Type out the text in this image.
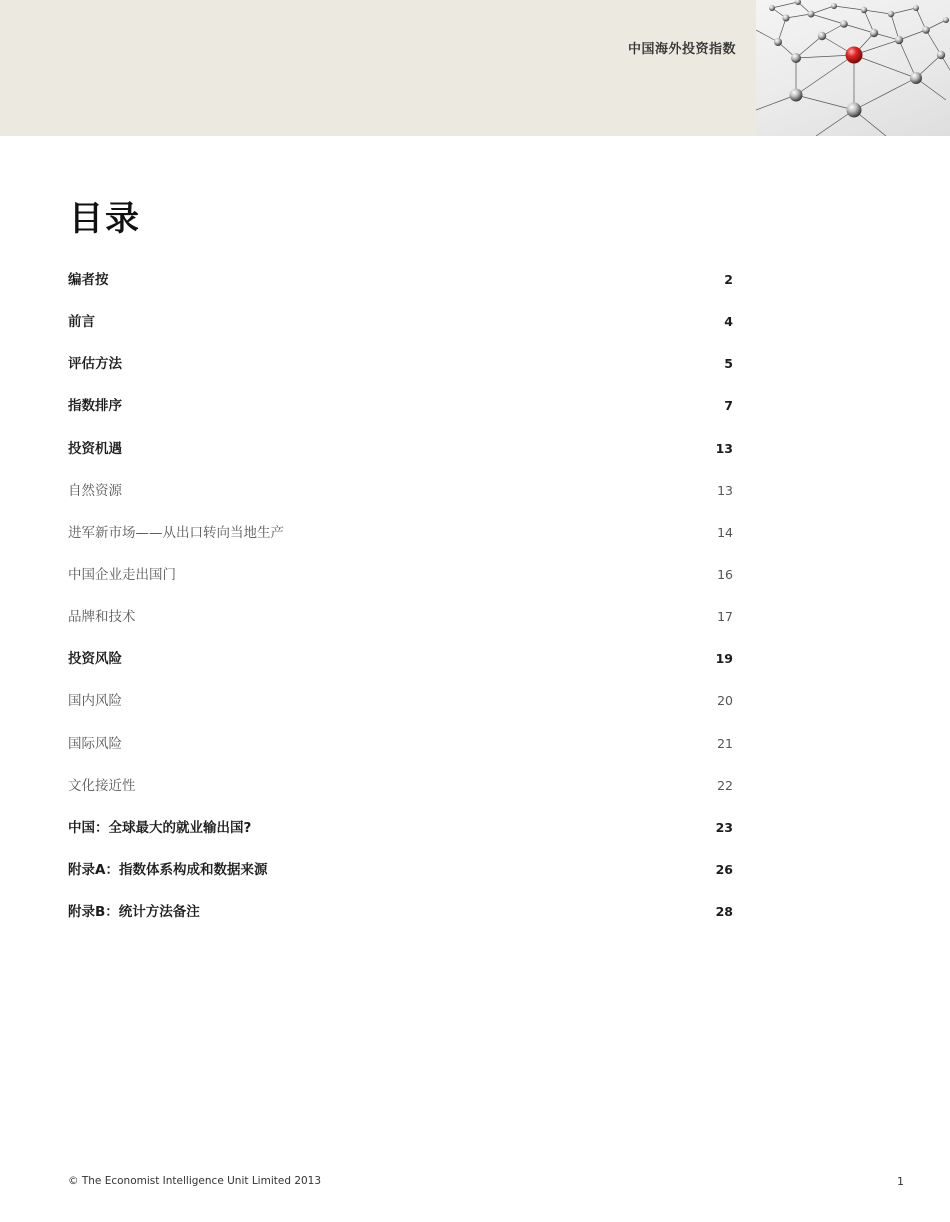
中国海外投资指数
目录
编者按	2
前言	4
评估方法	5
指数排序	7
投资机遇	13
自然资源	13
进军新市场——从出口转向当地生产	14
中国企业走出国门	16
品牌和技术	17
投资风险	19
国内风险	20
国际风险	21
文化接近性	22
中国：全球最大的就业输出国?	23
附录A：指数体系构成和数据来源	26
附录B：统计方法备注	28
© The Economist Intelligence Unit Limited 2013	1
